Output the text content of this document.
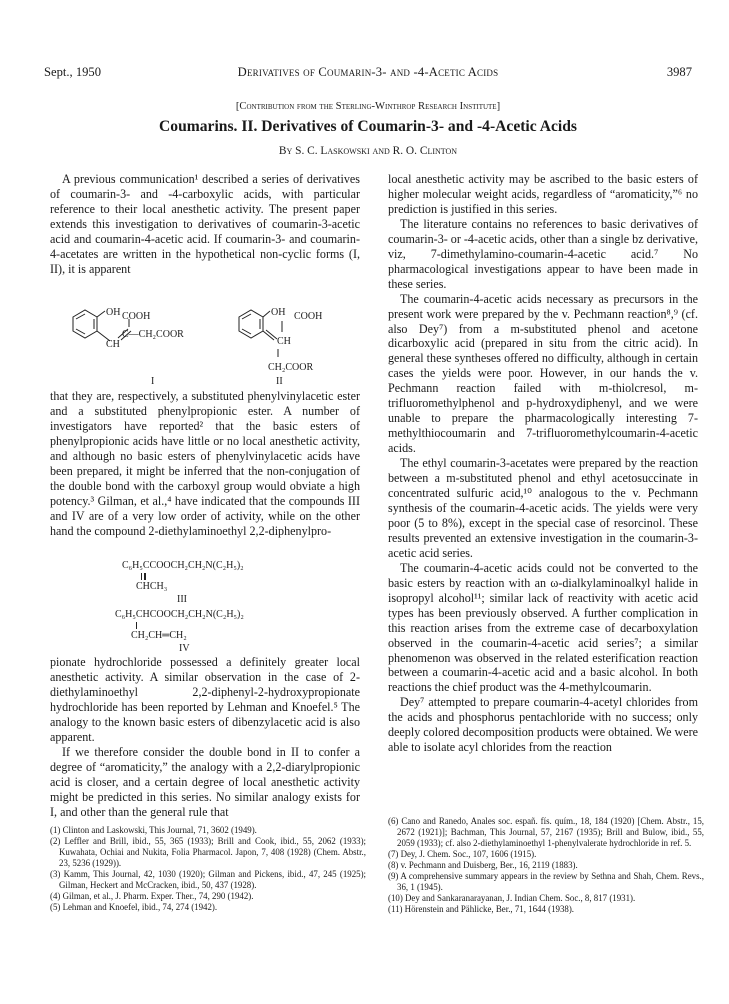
Sept., 1950	Derivatives of Coumarin-3- and -4-Acetic Acids	3987
[Contribution from the Sterling-Winthrop Research Institute]
Coumarins. II. Derivatives of Coumarin-3- and -4-Acetic Acids
By S. C. Laskowski and R. O. Clinton

A previous communication¹ described a series of derivatives of coumarin-3- and -4-carboxylic acids, with particular reference to their local anesthetic activity. The present paper extends this investigation to derivatives of coumarin-3-acetic acid and coumarin-4-acetic acid. If coumarin-3- and coumarin-4-acetates are written in the hypothetical non-cyclic forms (I, II), it is apparent

OH COOH
C—CH₂COOR
CH
I
OH COOH
CH
CH₂COOR
II

that they are, respectively, a substituted phenylvinylacetic ester and a substituted phenylpropionic ester. A number of investigators have reported² that the basic esters of phenylpropionic acids have little or no local anesthetic activity, and although no basic esters of phenylvinylacetic acids have been prepared, it might be inferred that the non-conjugation of the double bond with the carboxyl group would obviate a high potency.³ Gilman, et al.,⁴ have indicated that the compounds III and IV are of a very low order of activity, while on the other hand the compound 2-diethylaminoethyl 2,2-diphenylpro-

C₆H₅CCOOCH₂CH₂N(C₂H₅)₂
CHCH₃
III
C₆H₅CHCOOCH₂CH₂N(C₂H₅)₂
CH₂CH═CH₂
IV

pionate hydrochloride possessed a definitely greater local anesthetic activity. A similar observation in the case of 2-diethylaminoethyl 2,2-diphenyl-2-hydroxypropionate hydrochloride has been reported by Lehman and Knoefel.⁵ The analogy to the known basic esters of dibenzylacetic acid is also apparent.

If we therefore consider the double bond in II to confer a degree of “aromaticity,” the analogy with a 2,2-diarylpropionic acid is closer, and a certain degree of local anesthetic activity might be predicted in this series. No similar analogy exists for I, and other than the general rule that

local anesthetic activity may be ascribed to the basic esters of higher molecular weight acids, regardless of “aromaticity,”⁶ no prediction is justified in this series.

The literature contains no references to basic derivatives of coumarin-3- or -4-acetic acids, other than a single bz derivative, viz, 7-dimethylamino-coumarin-4-acetic acid.⁷ No pharmacological investigations appear to have been made in these series.

The coumarin-4-acetic acids necessary as precursors in the present work were prepared by the v. Pechmann reaction⁸,⁹ (cf. also Dey⁷) from a m-substituted phenol and acetone dicarboxylic acid (prepared in situ from the citric acid). In general these syntheses offered no difficulty, although in certain cases the yields were poor. However, in our hands the v. Pechmann reaction failed with m-thiolcresol, m-trifluoromethylphenol and p-hydroxydiphenyl, and we were unable to prepare the pharmacologically interesting 7-methylthiocoumarin and 7-trifluoromethylcoumarin-4-acetic acids.

The ethyl coumarin-3-acetates were prepared by the reaction between a m-substituted phenol and ethyl acetosuccinate in concentrated sulfuric acid,¹⁰ analogous to the v. Pechmann synthesis of the coumarin-4-acetic acids. The yields were very poor (5 to 8%), except in the special case of resorcinol. These results prevented an extensive investigation in the coumarin-3-acetic acid series.

The coumarin-4-acetic acids could not be converted to the basic esters by reaction with an ω-dialkylaminoalkyl halide in isopropyl alcohol¹¹; similar lack of reactivity with acetic acid types has been previously observed. A further complication in this reaction arises from the extreme case of decarboxylation observed in the coumarin-4-acetic acid series⁷; a similar phenomenon was observed in the related esterification reaction between a coumarin-4-acetic acid and a basic alcohol. In both reactions the chief product was the 4-methylcoumarin.

Dey⁷ attempted to prepare coumarin-4-acetyl chlorides from the acids and phosphorus pentachloride with no success; only deeply colored decomposition products were obtained. We were able to isolate acyl chlorides from the reaction

(1) Clinton and Laskowski, This Journal, 71, 3602 (1949).

(2) Leffler and Brill, ibid., 55, 365 (1933); Brill and Cook, ibid., 55, 2062 (1933); Kuwahata, Ochiai and Nukita, Folia Pharmacol. Japon, 7, 408 (1928) (Chem. Abstr., 23, 5236 (1929)).

(3) Kamm, This Journal, 42, 1030 (1920); Gilman and Pickens, ibid., 47, 245 (1925); Gilman, Heckert and McCracken, ibid., 50, 437 (1928).

(4) Gilman, et al., J. Pharm. Exper. Ther., 74, 290 (1942).

(5) Lehman and Knoefel, ibid., 74, 274 (1942).

(6) Cano and Ranedo, Anales soc. españ. fís. quím., 18, 184 (1920) [Chem. Abstr., 15, 2672 (1921)]; Bachman, This Journal, 57, 2167 (1935); Brill and Bulow, ibid., 55, 2059 (1933); cf. also 2-diethylaminoethyl 1-phenylvalerate hydrochloride in ref. 5.

(7) Dey, J. Chem. Soc., 107, 1606 (1915).

(8) v. Pechmann and Duisberg, Ber., 16, 2119 (1883).

(9) A comprehensive summary appears in the review by Sethna and Shah, Chem. Revs., 36, 1 (1945).

(10) Dey and Sankaranarayanan, J. Indian Chem. Soc., 8, 817 (1931).

(11) Hörenstein and Pählicke, Ber., 71, 1644 (1938).
